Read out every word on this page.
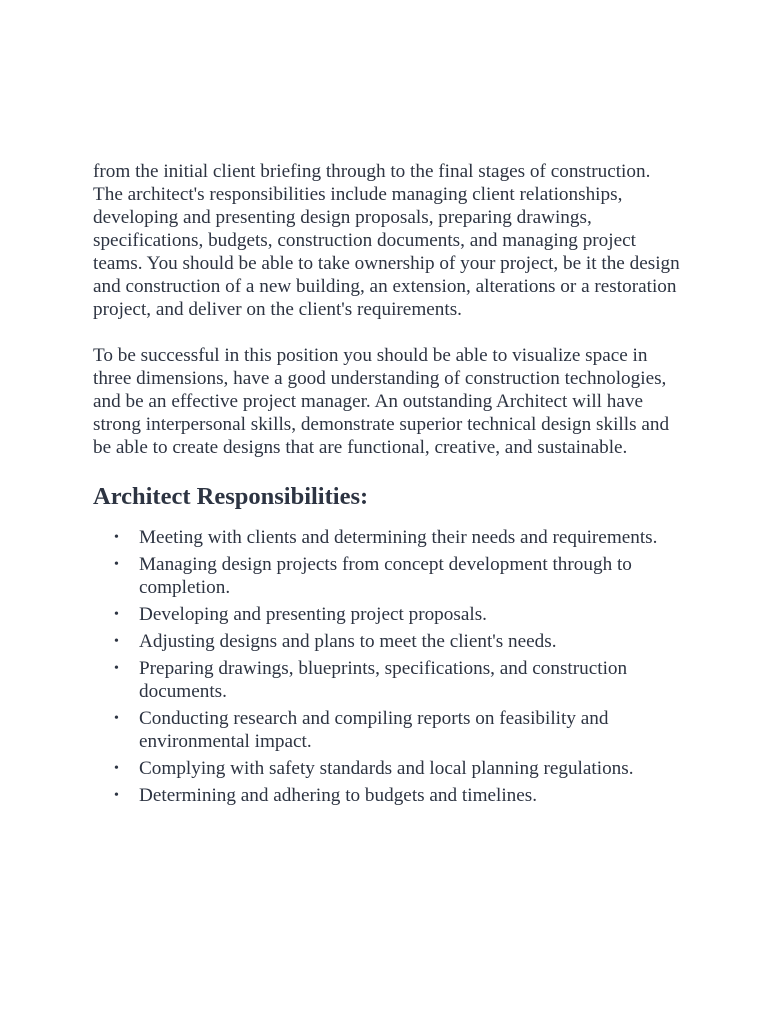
from the initial client briefing through to the final stages of construction. The architect's responsibilities include managing client relationships, developing and presenting design proposals, preparing drawings, specifications, budgets, construction documents, and managing project teams. You should be able to take ownership of your project, be it the design and construction of a new building, an extension, alterations or a restoration project, and deliver on the client's requirements.

To be successful in this position you should be able to visualize space in three dimensions, have a good understanding of construction technologies, and be an effective project manager. An outstanding Architect will have strong interpersonal skills, demonstrate superior technical design skills and be able to create designs that are functional, creative, and sustainable.

Architect Responsibilities:
• Meeting with clients and determining their needs and requirements.
• Managing design projects from concept development through to completion.
• Developing and presenting project proposals.
• Adjusting designs and plans to meet the client's needs.
• Preparing drawings, blueprints, specifications, and construction documents.
• Conducting research and compiling reports on feasibility and environmental impact.
• Complying with safety standards and local planning regulations.
• Determining and adhering to budgets and timelines.
